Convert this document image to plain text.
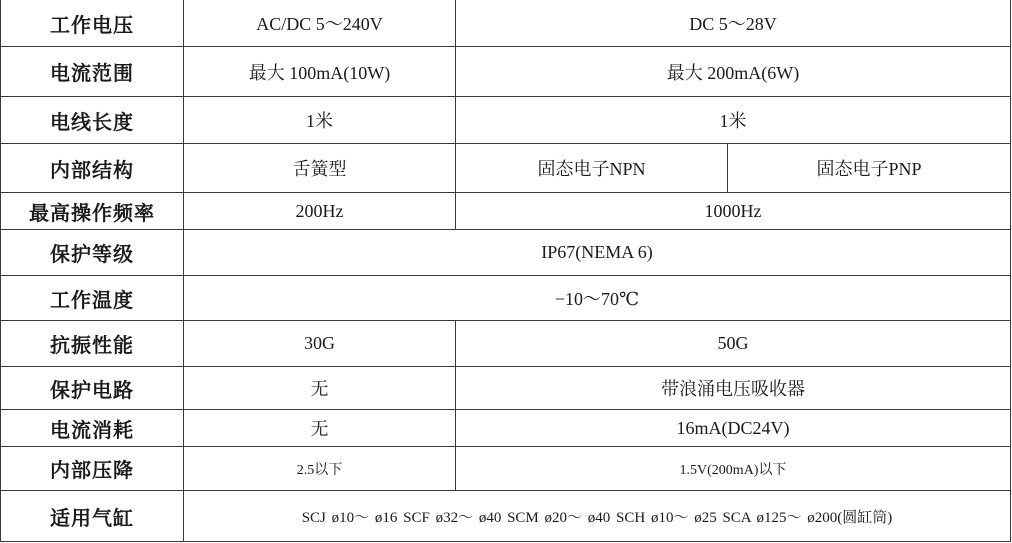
工作电压	AC/DC 5～240V	DC 5～28V	
电流范围	最大 100mA(10W)	最大 200mA(6W)	
电线长度	1米	1米	
内部结构	舌簧型	固态电子NPN	固态电子PNP
最高操作频率	200Hz	1000Hz	
保护等级	IP67(NEMA 6)		
工作温度	−10～70℃		
抗振性能	30G	50G	
保护电路	无	带浪涌电压吸收器	
电流消耗	无	16mA(DC24V)	
内部压降	2.5以下	1.5V(200mA)以下	
适用气缸	SCJ ø10～ ø16 SCF ø32～ ø40 SCM ø20～ ø40 SCH ø10～ ø25 SCA ø125～ ø200(圆缸筒)		
